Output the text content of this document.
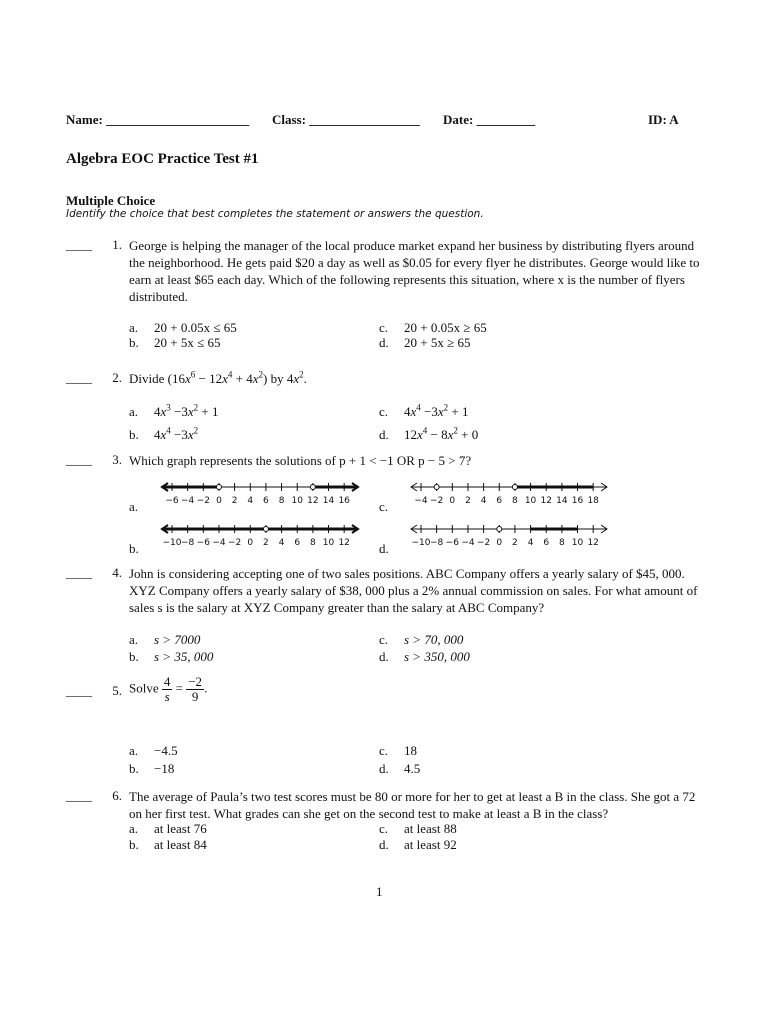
Name: ______________________ Class: _________________ Date: _________	ID: A
Algebra EOC Practice Test #1
Multiple Choice
Identify the choice that best completes the statement or answers the question.
____	1. George is helping the manager of the local produce market expand her business by distributing flyers around the neighborhood. He gets paid $20 a day as well as $0.05 for every flyer he distributes. George would like to earn at least $65 each day. Which of the following represents this situation, where x is the number of flyers distributed.
a. 20 + 0.05x ≤ 65
b. 20 + 5x ≤ 65
c. 20 + 0.05x ≥ 65
d. 20 + 5x ≥ 65
____	2. Divide $(16x^6 - 12x^4 + 4x^2)$ by $4x^2$.
a. $4x^3 -3x^2 + 1$
b. $4x^4 -3x^2$
c. $4x^4 -3x^2 + 1$
d. $12x^4 - 8x^2 + 0$
____	3. Which graph represents the solutions of p + 1 < −1 OR p − 5 > 7?
a.
b.
c.
d.
−6 −4 −2 0 2 4 6 8 10 12 14 16
−10 −8 −6 −4 −2 0 2 4 6 8 10 12
−4 −2 0 2 4 6 8 10 12 14 16 18
−10 −8 −6 −4 −2 0 2 4 6 8 10 12
____	4. John is considering accepting one of two sales positions. ABC Company offers a yearly salary of $45, 000. XYZ Company offers a yearly salary of $38, 000 plus a 2% annual commission on sales. For what amount of sales s is the salary at XYZ Company greater than the salary at ABC Company?
a. s > 7000
b. s > 35, 000
c. s > 70, 000
d. s > 350, 000
____	5. Solve $\frac{4}{s} = \frac{-2}{9}$ .
a. −4.5
b. −18
c. 18
d. 4.5
____	6. The average of Paula’s two test scores must be 80 or more for her to get at least a B in the class. She got a 72 on her first test. What grades can she get on the second test to make at least a B in the class?
a. at least 76
b. at least 84
c. at least 88
d. at least 92
1
